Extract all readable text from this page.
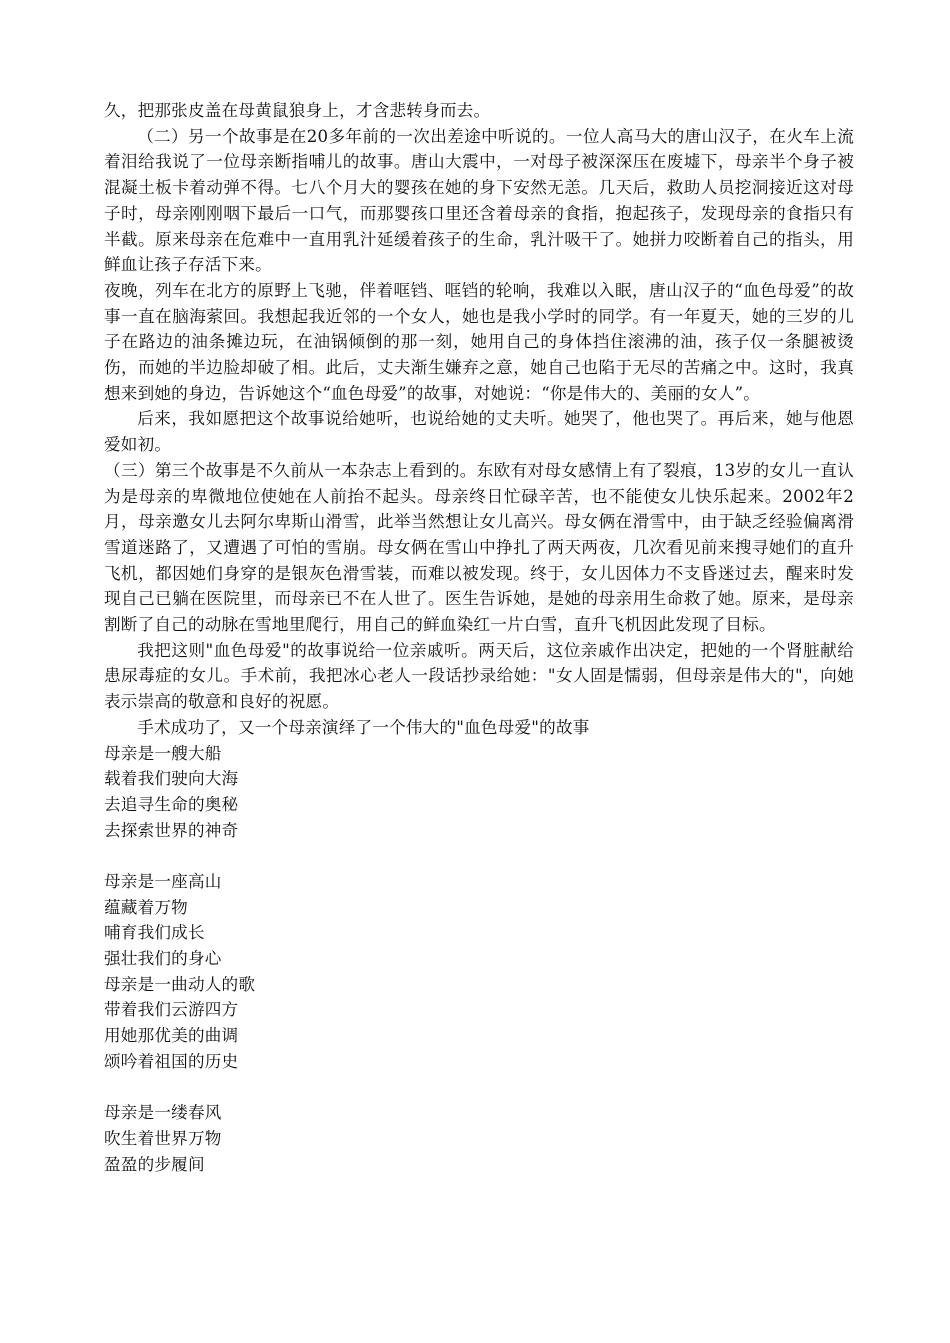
久，把那张皮盖在母黄鼠狼身上，才含悲转身而去。

（二）另一个故事是在20多年前的一次出差途中听说的。一位人高马大的唐山汉子，在火车上流着泪给我说了一位母亲断指哺儿的故事。唐山大震中，一对母子被深深压在废墟下，母亲半个身子被混凝土板卡着动弹不得。七八个月大的婴孩在她的身下安然无恙。几天后，救助人员挖洞接近这对母子时，母亲刚刚咽下最后一口气，而那婴孩口里还含着母亲的食指，抱起孩子，发现母亲的食指只有半截。原来母亲在危难中一直用乳汁延缓着孩子的生命，乳汁吸干了。她拼力咬断着自己的指头，用鲜血让孩子存活下来。

夜晚，列车在北方的原野上飞驰，伴着哐铛、哐铛的轮响，我难以入眠，唐山汉子的“血色母爱”的故事一直在脑海萦回。我想起我近邻的一个女人，她也是我小学时的同学。有一年夏天，她的三岁的儿子在路边的油条摊边玩，在油锅倾倒的那一刻，她用自己的身体挡住滚沸的油，孩子仅一条腿被烫伤，而她的半边脸却破了相。此后，丈夫渐生嫌弃之意，她自己也陷于无尽的苦痛之中。这时，我真想来到她的身边，告诉她这个“血色母爱”的故事，对她说：“你是伟大的、美丽的女人”。

后来，我如愿把这个故事说给她听，也说给她的丈夫听。她哭了，他也哭了。再后来，她与他恩爱如初。

（三）第三个故事是不久前从一本杂志上看到的。东欧有对母女感情上有了裂痕，13岁的女儿一直认为是母亲的卑微地位使她在人前抬不起头。母亲终日忙碌辛苦，也不能使女儿快乐起来。2002年2月，母亲邀女儿去阿尔卑斯山滑雪，此举当然想让女儿高兴。母女俩在滑雪中，由于缺乏经验偏离滑雪道迷路了，又遭遇了可怕的雪崩。母女俩在雪山中挣扎了两天两夜，几次看见前来搜寻她们的直升飞机，都因她们身穿的是银灰色滑雪装，而难以被发现。终于，女儿因体力不支昏迷过去，醒来时发现自己已躺在医院里，而母亲已不在人世了。医生告诉她，是她的母亲用生命救了她。原来，是母亲割断了自己的动脉在雪地里爬行，用自己的鲜血染红一片白雪，直升飞机因此发现了目标。

我把这则"血色母爱"的故事说给一位亲戚听。两天后，这位亲戚作出决定，把她的一个肾脏献给患尿毒症的女儿。手术前，我把冰心老人一段话抄录给她："女人固是懦弱，但母亲是伟大的"，向她表示崇高的敬意和良好的祝愿。

手术成功了，又一个母亲演绎了一个伟大的"血色母爱"的故事

母亲是一艘大船
载着我们驶向大海
去追寻生命的奥秘
去探索世界的神奇
母亲是一座高山
蕴藏着万物
哺育我们成长
强壮我们的身心
母亲是一曲动人的歌
带着我们云游四方
用她那优美的曲调
颂吟着祖国的历史
母亲是一缕春风
吹生着世界万物
盈盈的步履间
